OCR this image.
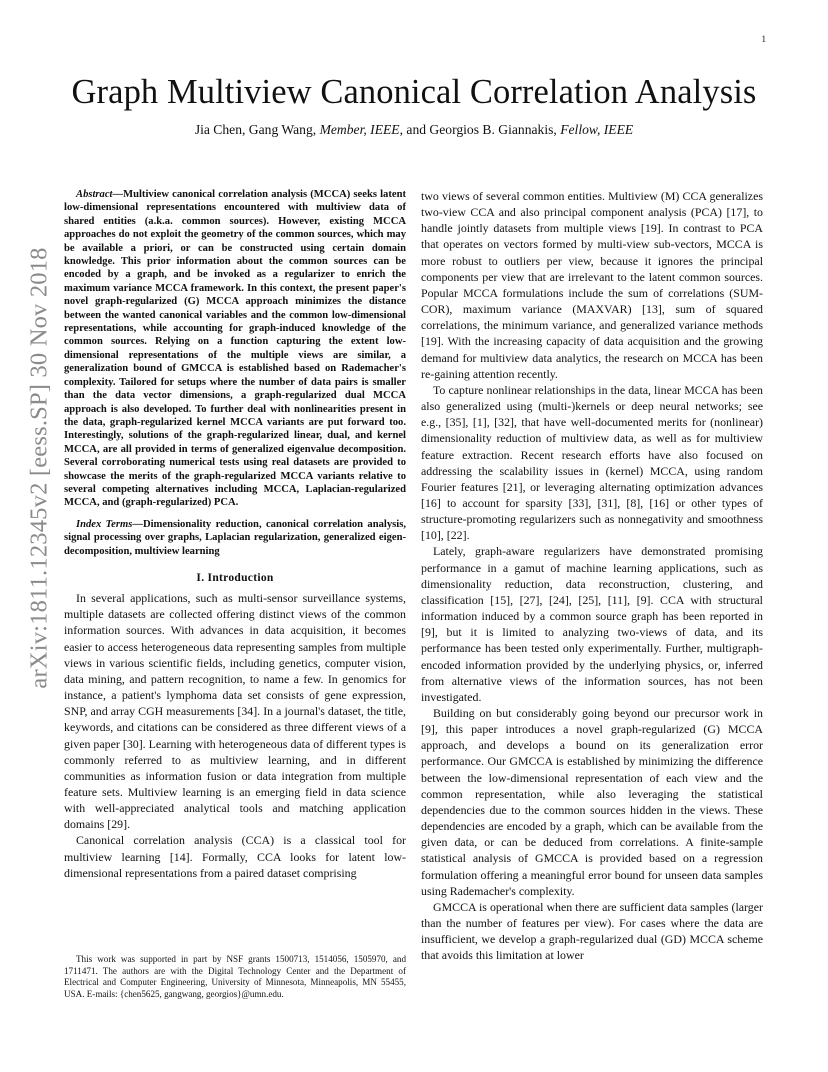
1
arXiv:1811.12345v2 [eess.SP] 30 Nov 2018
Graph Multiview Canonical Correlation Analysis
Jia Chen, Gang Wang, Member, IEEE, and Georgios B. Giannakis, Fellow, IEEE

Abstract—Multiview canonical correlation analysis (MCCA) seeks latent low-dimensional representations encountered with multiview data of shared entities (a.k.a. common sources). However, existing MCCA approaches do not exploit the geometry of the common sources, which may be available a priori, or can be constructed using certain domain knowledge. This prior information about the common sources can be encoded by a graph, and be invoked as a regularizer to enrich the maximum variance MCCA framework. In this context, the present paper's novel graph-regularized (G) MCCA approach minimizes the distance between the wanted canonical variables and the common low-dimensional representations, while accounting for graph-induced knowledge of the common sources. Relying on a function capturing the extent low-dimensional representations of the multiple views are similar, a generalization bound of GMCCA is established based on Rademacher's complexity. Tailored for setups where the number of data pairs is smaller than the data vector dimensions, a graph-regularized dual MCCA approach is also developed. To further deal with nonlinearities present in the data, graph-regularized kernel MCCA variants are put forward too. Interestingly, solutions of the graph-regularized linear, dual, and kernel MCCA, are all provided in terms of generalized eigenvalue decomposition. Several corroborating numerical tests using real datasets are provided to showcase the merits of the graph-regularized MCCA variants relative to several competing alternatives including MCCA, Laplacian-regularized MCCA, and (graph-regularized) PCA.

Index Terms—Dimensionality reduction, canonical correlation analysis, signal processing over graphs, Laplacian regularization, generalized eigen-decomposition, multiview learning

I. Introduction

In several applications, such as multi-sensor surveillance systems, multiple datasets are collected offering distinct views of the common information sources. With advances in data acquisition, it becomes easier to access heterogeneous data representing samples from multiple views in various scientific fields, including genetics, computer vision, data mining, and pattern recognition, to name a few. In genomics for instance, a patient's lymphoma data set consists of gene expression, SNP, and array CGH measurements [34]. In a journal's dataset, the title, keywords, and citations can be considered as three different views of a given paper [30]. Learning with heterogeneous data of different types is commonly referred to as multiview learning, and in different communities as information fusion or data integration from multiple feature sets. Multiview learning is an emerging field in data science with well-appreciated analytical tools and matching application domains [29].

Canonical correlation analysis (CCA) is a classical tool for multiview learning [14]. Formally, CCA looks for latent low-dimensional representations from a paired dataset comprising

This work was supported in part by NSF grants 1500713, 1514056, 1505970, and 1711471. The authors are with the Digital Technology Center and the Department of Electrical and Computer Engineering, University of Minnesota, Minneapolis, MN 55455, USA. E-mails: {chen5625, gangwang, georgios}@umn.edu.

two views of several common entities. Multiview (M) CCA generalizes two-view CCA and also principal component analysis (PCA) [17], to handle jointly datasets from multiple views [19]. In contrast to PCA that operates on vectors formed by multi-view sub-vectors, MCCA is more robust to outliers per view, because it ignores the principal components per view that are irrelevant to the latent common sources. Popular MCCA formulations include the sum of correlations (SUM-COR), maximum variance (MAXVAR) [13], sum of squared correlations, the minimum variance, and generalized variance methods [19]. With the increasing capacity of data acquisition and the growing demand for multiview data analytics, the research on MCCA has been re-gaining attention recently.

To capture nonlinear relationships in the data, linear MCCA has been also generalized using (multi-)kernels or deep neural networks; see e.g., [35], [1], [32], that have well-documented merits for (nonlinear) dimensionality reduction of multiview data, as well as for multiview feature extraction. Recent research efforts have also focused on addressing the scalability issues in (kernel) MCCA, using random Fourier features [21], or leveraging alternating optimization advances [16] to account for sparsity [33], [31], [8], [16] or other types of structure-promoting regularizers such as nonnegativity and smoothness [10], [22].

Lately, graph-aware regularizers have demonstrated promising performance in a gamut of machine learning applications, such as dimensionality reduction, data reconstruction, clustering, and classification [15], [27], [24], [25], [11], [9]. CCA with structural information induced by a common source graph has been reported in [9], but it is limited to analyzing two-views of data, and its performance has been tested only experimentally. Further, multigraph-encoded information provided by the underlying physics, or, inferred from alternative views of the information sources, has not been investigated.

Building on but considerably going beyond our precursor work in [9], this paper introduces a novel graph-regularized (G) MCCA approach, and develops a bound on its generalization error performance. Our GMCCA is established by minimizing the difference between the low-dimensional representation of each view and the common representation, while also leveraging the statistical dependencies due to the common sources hidden in the views. These dependencies are encoded by a graph, which can be available from the given data, or can be deduced from correlations. A finite-sample statistical analysis of GMCCA is provided based on a regression formulation offering a meaningful error bound for unseen data samples using Rademacher's complexity.

GMCCA is operational when there are sufficient data samples (larger than the number of features per view). For cases where the data are insufficient, we develop a graph-regularized dual (GD) MCCA scheme that avoids this limitation at lower
